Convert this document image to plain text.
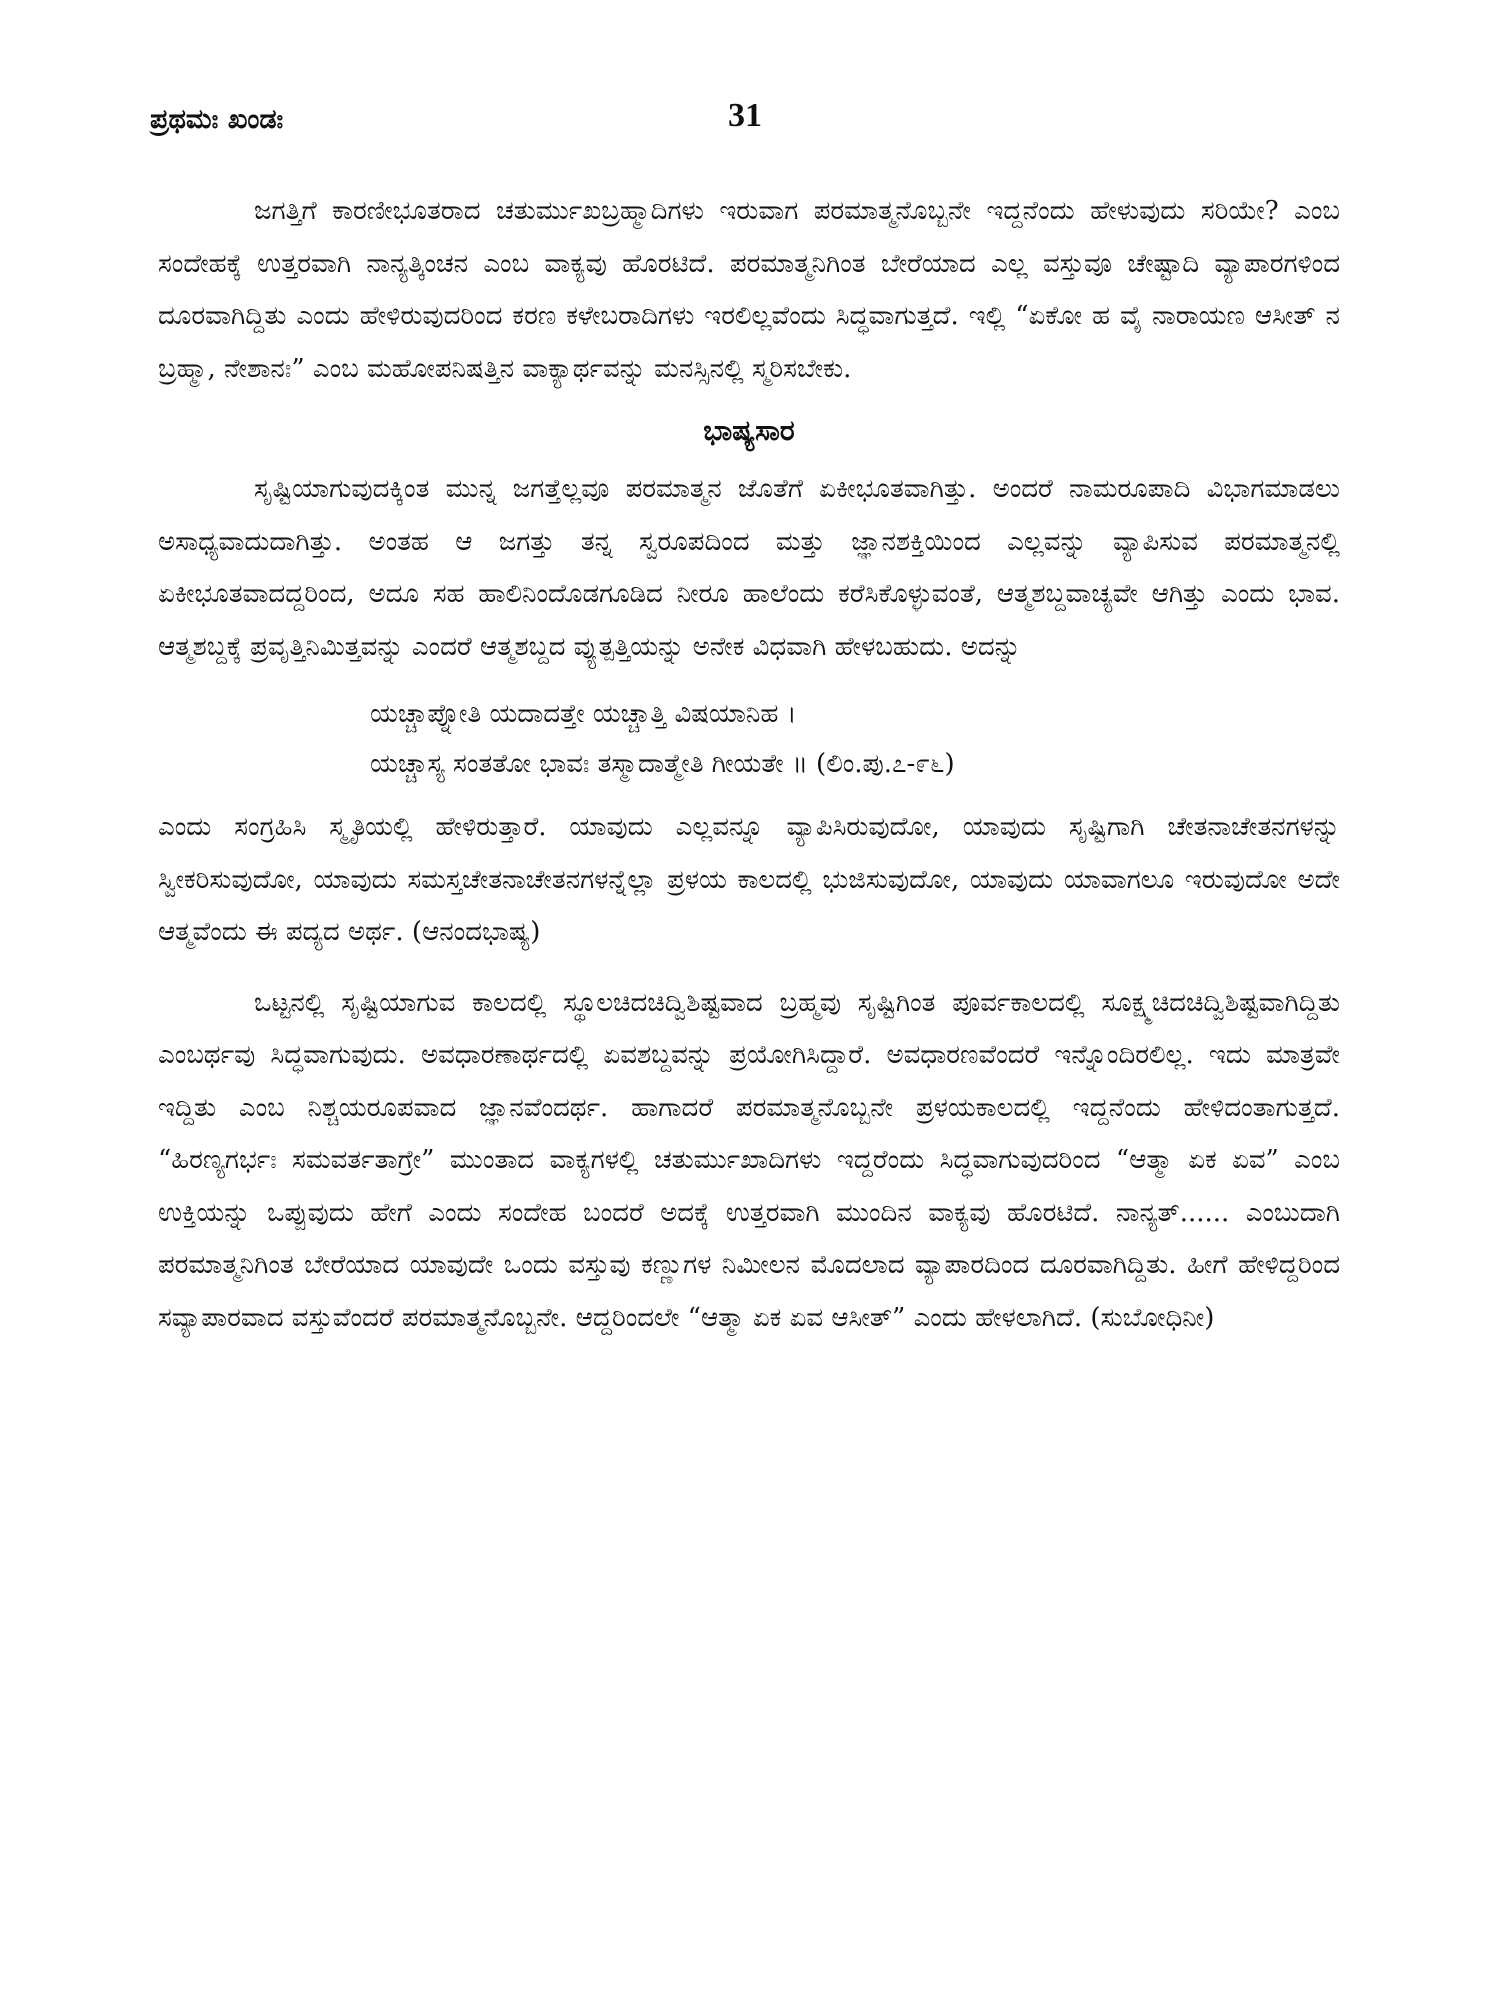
ಪ್ರಥಮಃ ಖಂಡಃ	31

ಜಗತ್ತಿಗೆ ಕಾರಣೀಭೂತರಾದ ಚತುರ್ಮುಖಬ್ರಹ್ಮಾದಿಗಳು ಇರುವಾಗ ಪರಮಾತ್ಮನೊಬ್ಬನೇ ಇದ್ದನೆಂದು ಹೇಳುವುದು ಸರಿಯೇ? ಎಂಬ ಸಂದೇಹಕ್ಕೆ ಉತ್ತರವಾಗಿ ನಾನ್ಯತ್ಕಿಂಚನ ಎಂಬ ವಾಕ್ಯವು ಹೊರಟಿದೆ. ಪರಮಾತ್ಮನಿಗಿಂತ ಬೇರೆಯಾದ ಎಲ್ಲ ವಸ್ತುವೂ ಚೇಷ್ಟಾದಿ ವ್ಯಾಪಾರಗಳಿಂದ ದೂರವಾಗಿದ್ದಿತು ಎಂದು ಹೇಳಿರುವುದರಿಂದ ಕರಣ ಕಳೇಬರಾದಿಗಳು ಇರಲಿಲ್ಲವೆಂದು ಸಿದ್ಧವಾಗುತ್ತದೆ. ಇಲ್ಲಿ “ಏಕೋ ಹ ವೈ ನಾರಾಯಣ ಆಸೀತ್ ನ ಬ್ರಹ್ಮಾ, ನೇಶಾನಃ” ಎಂಬ ಮಹೋಪನಿಷತ್ತಿನ ವಾಕ್ಯಾರ್ಥವನ್ನು ಮನಸ್ಸಿನಲ್ಲಿ ಸ್ಮರಿಸಬೇಕು.

ಭಾಷ್ಯಸಾರ

ಸೃಷ್ಟಿಯಾಗುವುದಕ್ಕಿಂತ ಮುನ್ನ ಜಗತ್ತೆಲ್ಲವೂ ಪರಮಾತ್ಮನ ಜೊತೆಗೆ ಏಕೀಭೂತವಾಗಿತ್ತು. ಅಂದರೆ ನಾಮರೂಪಾದಿ ವಿಭಾಗಮಾಡಲು ಅಸಾಧ್ಯವಾದುದಾಗಿತ್ತು. ಅಂತಹ ಆ ಜಗತ್ತು ತನ್ನ ಸ್ವರೂಪದಿಂದ ಮತ್ತು ಜ್ಞಾನಶಕ್ತಿಯಿಂದ ಎಲ್ಲವನ್ನು ವ್ಯಾಪಿಸುವ ಪರಮಾತ್ಮನಲ್ಲಿ ಏಕೀಭೂತವಾದದ್ದರಿಂದ, ಅದೂ ಸಹ ಹಾಲಿನಿಂದೊಡಗೂಡಿದ ನೀರೂ ಹಾಲೆಂದು ಕರೆಸಿಕೊಳ್ಳುವಂತೆ, ಆತ್ಮಶಬ್ದವಾಚ್ಯವೇ ಆಗಿತ್ತು ಎಂದು ಭಾವ. ಆತ್ಮಶಬ್ದಕ್ಕೆ ಪ್ರವೃತ್ತಿನಿಮಿತ್ತವನ್ನು ಎಂದರೆ ಆತ್ಮಶಬ್ದದ ವ್ಯುತ್ಪತ್ತಿಯನ್ನು ಅನೇಕ ವಿಧವಾಗಿ ಹೇಳಬಹುದು. ಅದನ್ನು

ಯಚ್ಚಾಪ್ನೋತಿ ಯದಾದತ್ತೇ ಯಚ್ಚಾತ್ತಿ ವಿಷಯಾನಿಹ ।
ಯಚ್ಚಾಸ್ಯ ಸಂತತೋ ಭಾವಃ ತಸ್ಮಾದಾತ್ಮೇತಿ ಗೀಯತೇ ॥ (ಲಿಂ.ಪು.೭-೯೬)

ಎಂದು ಸಂಗ್ರಹಿಸಿ ಸ್ಮೃತಿಯಲ್ಲಿ ಹೇಳಿರುತ್ತಾರೆ. ಯಾವುದು ಎಲ್ಲವನ್ನೂ ವ್ಯಾಪಿಸಿರುವುದೋ, ಯಾವುದು ಸೃಷ್ಟಿಗಾಗಿ ಚೇತನಾಚೇತನಗಳನ್ನು ಸ್ವೀಕರಿಸುವುದೋ, ಯಾವುದು ಸಮಸ್ತಚೇತನಾಚೇತನಗಳನ್ನೆಲ್ಲಾ ಪ್ರಳಯ ಕಾಲದಲ್ಲಿ ಭುಜಿಸುವುದೋ, ಯಾವುದು ಯಾವಾಗಲೂ ಇರುವುದೋ ಅದೇ ಆತ್ಮವೆಂದು ಈ ಪದ್ಯದ ಅರ್ಥ. (ಆನಂದಭಾಷ್ಯ)

ಒಟ್ಟನಲ್ಲಿ ಸೃಷ್ಟಿಯಾಗುವ ಕಾಲದಲ್ಲಿ ಸ್ಥೂಲಚಿದಚಿದ್ವಿಶಿಷ್ಟವಾದ ಬ್ರಹ್ಮವು ಸೃಷ್ಟಿಗಿಂತ ಪೂರ್ವಕಾಲದಲ್ಲಿ ಸೂಕ್ಷ್ಮಚಿದಚಿದ್ವಿಶಿಷ್ಟವಾಗಿದ್ದಿತು ಎಂಬರ್ಥವು ಸಿದ್ಧವಾಗುವುದು. ಅವಧಾರಣಾರ್ಥದಲ್ಲಿ ಏವಶಬ್ದವನ್ನು ಪ್ರಯೋಗಿಸಿದ್ದಾರೆ. ಅವಧಾರಣವೆಂದರೆ ಇನ್ನೊಂದಿರಲಿಲ್ಲ. ಇದು ಮಾತ್ರವೇ ಇದ್ದಿತು ಎಂಬ ನಿಶ್ಚಯರೂಪವಾದ ಜ್ಞಾನವೆಂದರ್ಥ. ಹಾಗಾದರೆ ಪರಮಾತ್ಮನೊಬ್ಬನೇ ಪ್ರಳಯಕಾಲದಲ್ಲಿ ಇದ್ದನೆಂದು ಹೇಳಿದಂತಾಗುತ್ತದೆ. “ಹಿರಣ್ಯಗರ್ಭಃ ಸಮವರ್ತತಾಗ್ರೇ” ಮುಂತಾದ ವಾಕ್ಯಗಳಲ್ಲಿ ಚತುರ್ಮುಖಾದಿಗಳು ಇದ್ದರೆಂದು ಸಿದ್ಧವಾಗುವುದರಿಂದ “ಆತ್ಮಾ ಏಕ ಏವ” ಎಂಬ ಉಕ್ತಿಯನ್ನು ಒಪ್ಪುವುದು ಹೇಗೆ ಎಂದು ಸಂದೇಹ ಬಂದರೆ ಅದಕ್ಕೆ ಉತ್ತರವಾಗಿ ಮುಂದಿನ ವಾಕ್ಯವು ಹೊರಟಿದೆ. ನಾನ್ಯತ್...... ಎಂಬುದಾಗಿ ಪರಮಾತ್ಮನಿಗಿಂತ ಬೇರೆಯಾದ ಯಾವುದೇ ಒಂದು ವಸ್ತುವು ಕಣ್ಣುಗಳ ನಿಮೀಲನ ಮೊದಲಾದ ವ್ಯಾಪಾರದಿಂದ ದೂರವಾಗಿದ್ದಿತು. ಹೀಗೆ ಹೇಳಿದ್ದರಿಂದ ಸವ್ಯಾಪಾರವಾದ ವಸ್ತುವೆಂದರೆ ಪರಮಾತ್ಮನೊಬ್ಬನೇ. ಆದ್ದರಿಂದಲೇ “ಆತ್ಮಾ ಏಕ ಏವ ಆಸೀತ್” ಎಂದು ಹೇಳಲಾಗಿದೆ. (ಸುಬೋಧಿನೀ)
